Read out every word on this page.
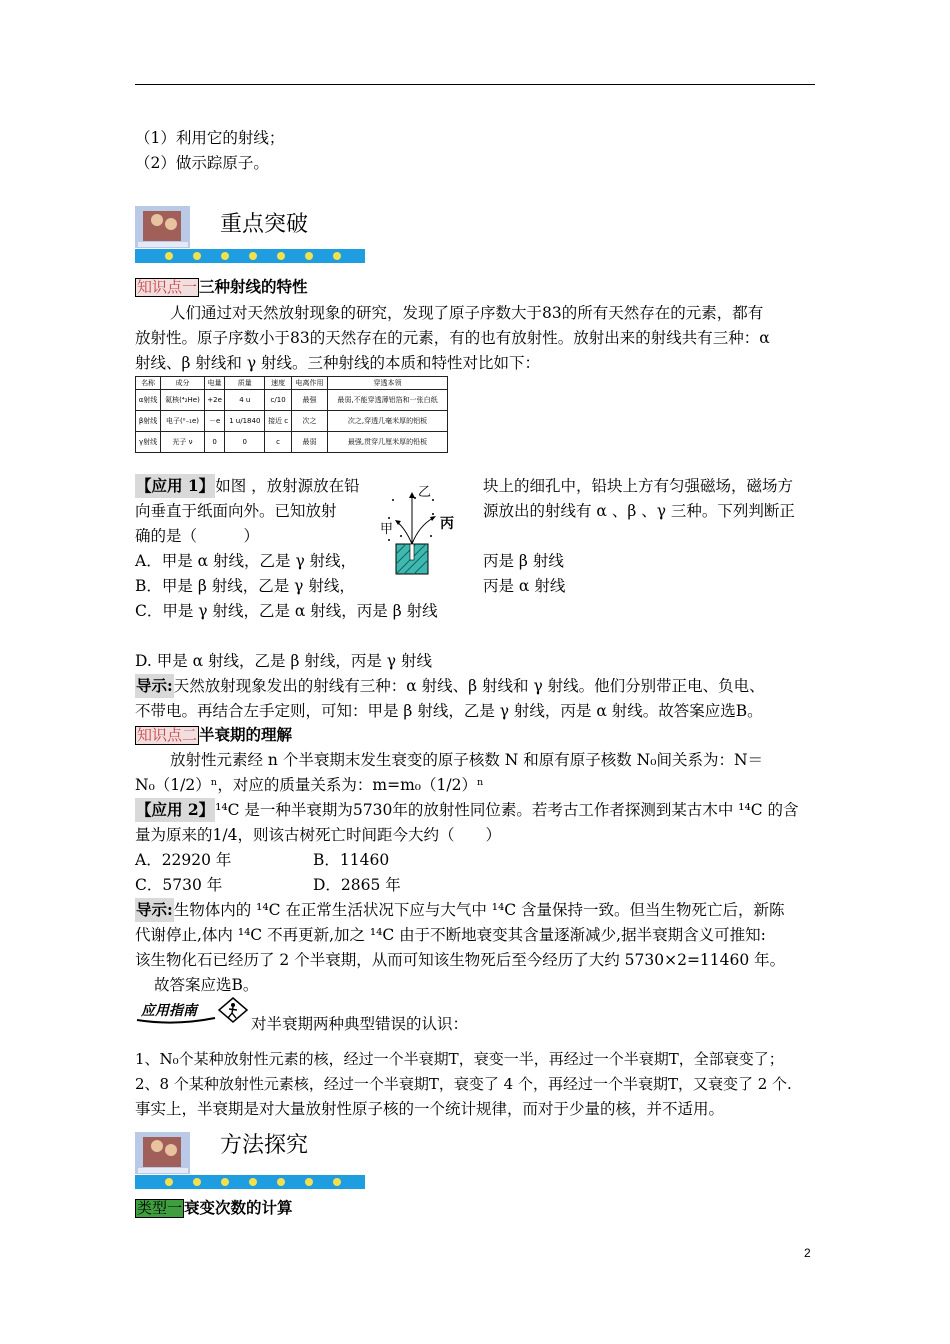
（1）利用它的射线；
（2）做示踪原子。
重点突破
知识点一 三种射线的特性
人们通过对天然放射现象的研究，发现了原子序数大于83的所有天然存在的元素，都有
放射性。原子序数小于83的天然存在的元素，有的也有放射性。放射出来的射线共有三种：α
射线、β 射线和 γ 射线。三种射线的本质和特性对比如下：
名称	成分	电量	质量	速度	电离作用	穿透本领
α射线	氦核(⁴₂He)	+2e	4 u	c/10	最强	最弱,不能穿透薄铝箔和一张白纸
β射线	电子(⁰₋₁e)	－e	1 u/1840	接近 c	次之	次之,穿透几毫米厚的铝板
γ射线	光子 ν	0	0	c	最弱	最强,贯穿几厘米厚的铅板
【应用 1】如图 ，放射源放在铅	块上的细孔中，铅块上方有匀强磁场，磁场方
向垂直于纸面向外。已知放射	源放出的射线有 α 、β 、γ 三种。下列判断正
确的是（　　　）
乙
甲	丙
A．甲是 α 射线，乙是 γ 射线，	丙是 β 射线
B．甲是 β 射线，乙是 γ 射线，	丙是 α 射线
C．甲是 γ 射线，乙是 α 射线，丙是 β 射线
D. 甲是 α 射线，乙是 β 射线，丙是 γ 射线
导示:天然放射现象发出的射线有三种：α 射线、β 射线和 γ 射线。他们分别带正电、负电、
不带电。再结合左手定则，可知：甲是 β 射线，乙是 γ 射线，丙是 α 射线。故答案应选B。
知识点二 半衰期的理解
放射性元素经 n 个半衰期末发生衰变的原子核数 N 和原有原子核数 N₀间关系为：N＝
N₀（1/2）ⁿ，对应的质量关系为：m=m₀（1/2）ⁿ
【应用 2】¹⁴C 是一种半衰期为5730年的放射性同位素。若考古工作者探测到某古木中 ¹⁴C 的含
量为原来的1/4，则该古树死亡时间距今大约（　　）
A．22920 年	B．11460
C．5730 年	D．2865 年
导示:生物体内的 ¹⁴C 在正常生活状况下应与大气中 ¹⁴C 含量保持一致。但当生物死亡后，新陈
代谢停止,体内 ¹⁴C 不再更新,加之 ¹⁴C 由于不断地衰变其含量逐渐减少,据半衰期含义可推知:
该生物化石已经历了 2 个半衰期，从而可知该生物死后至今经历了大约 5730×2=11460 年。
故答案应选B。
应用指南
对半衰期两种典型错误的认识：
1、N₀个某种放射性元素的核，经过一个半衰期T，衰变一半，再经过一个半衰期T，全部衰变了；
2、8 个某种放射性元素核，经过一个半衰期T，衰变了 4 个，再经过一个半衰期T，又衰变了 2 个.
事实上，半衰期是对大量放射性原子核的一个统计规律，而对于少量的核，并不适用。
方法探究
类型一 衰变次数的计算
2
